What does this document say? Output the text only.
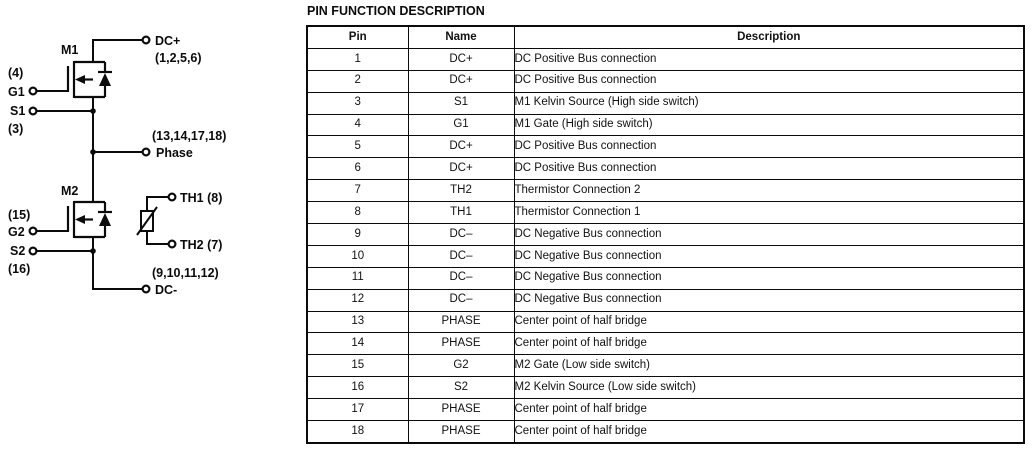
M1
DC+
(1,2,5,6)
(4)
G1
S1
(3)	(13,14,17,18)
Phase
M2
(15)
G2
S2
(16)
TH1 (8)
TH2 (7)
(9,10,11,12)
DC-
PIN FUNCTION DESCRIPTION
Pin	Name	Description
1	DC+	DC Positive Bus connection
2	DC+	DC Positive Bus connection
3	S1	M1 Kelvin Source (High side switch)
4	G1	M1 Gate (High side switch)
5	DC+	DC Positive Bus connection
6	DC+	DC Positive Bus connection
7	TH2	Thermistor Connection 2
8	TH1	Thermistor Connection 1
9	DC–	DC Negative Bus connection
10	DC–	DC Negative Bus connection
11	DC–	DC Negative Bus connection
12	DC–	DC Negative Bus connection
13	PHASE	Center point of half bridge
14	PHASE	Center point of half bridge
15	G2	M2 Gate (Low side switch)
16	S2	M2 Kelvin Source (Low side switch)
17	PHASE	Center point of half bridge
18	PHASE	Center point of half bridge
